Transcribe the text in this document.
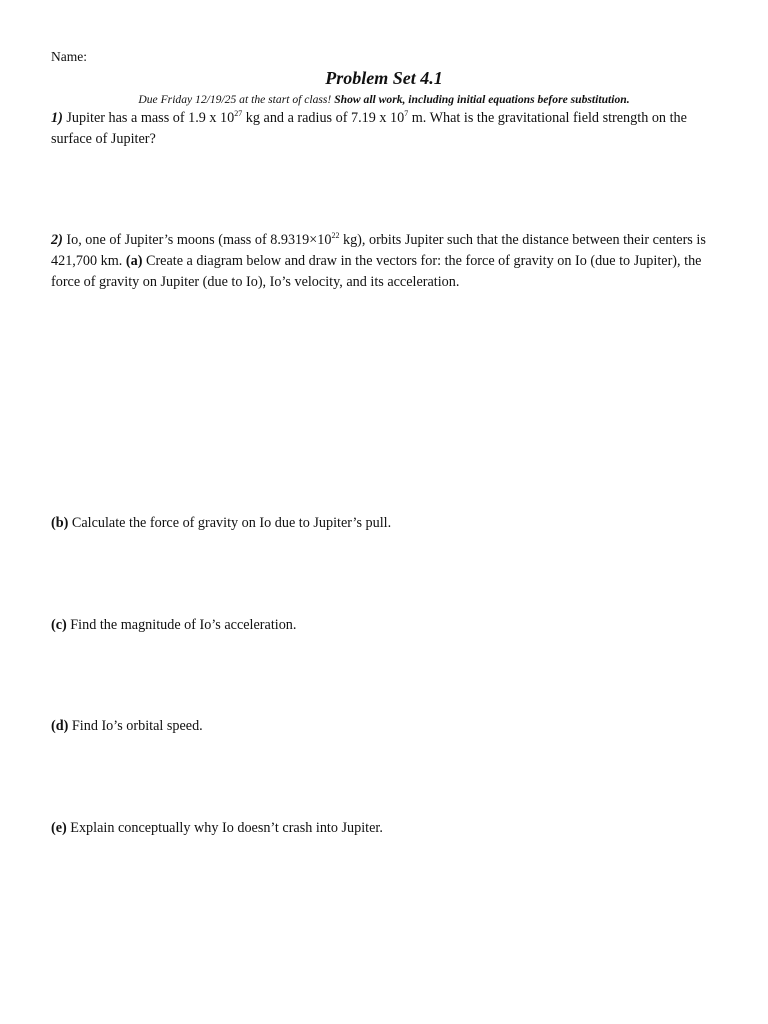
Name:
Problem Set 4.1
Due Friday 12/19/25 at the start of class! Show all work, including initial equations before substitution.
1) Jupiter has a mass of 1.9 x $10^{27}$ kg and a radius of 7.19 x $10^7$ m. What is the gravitational field strength on the surface of Jupiter?
2) Io, one of Jupiter’s moons (mass of $8.9319\times 10^{22}$ kg), orbits Jupiter such that the distance between their centers is 421,700 km. (a) Create a diagram below and draw in the vectors for: the force of gravity on Io (due to Jupiter), the force of gravity on Jupiter (due to Io), Io’s velocity, and its acceleration.
(b) Calculate the force of gravity on Io due to Jupiter’s pull.
(c) Find the magnitude of Io’s acceleration.
(d) Find Io’s orbital speed.
(e) Explain conceptually why Io doesn’t crash into Jupiter.
